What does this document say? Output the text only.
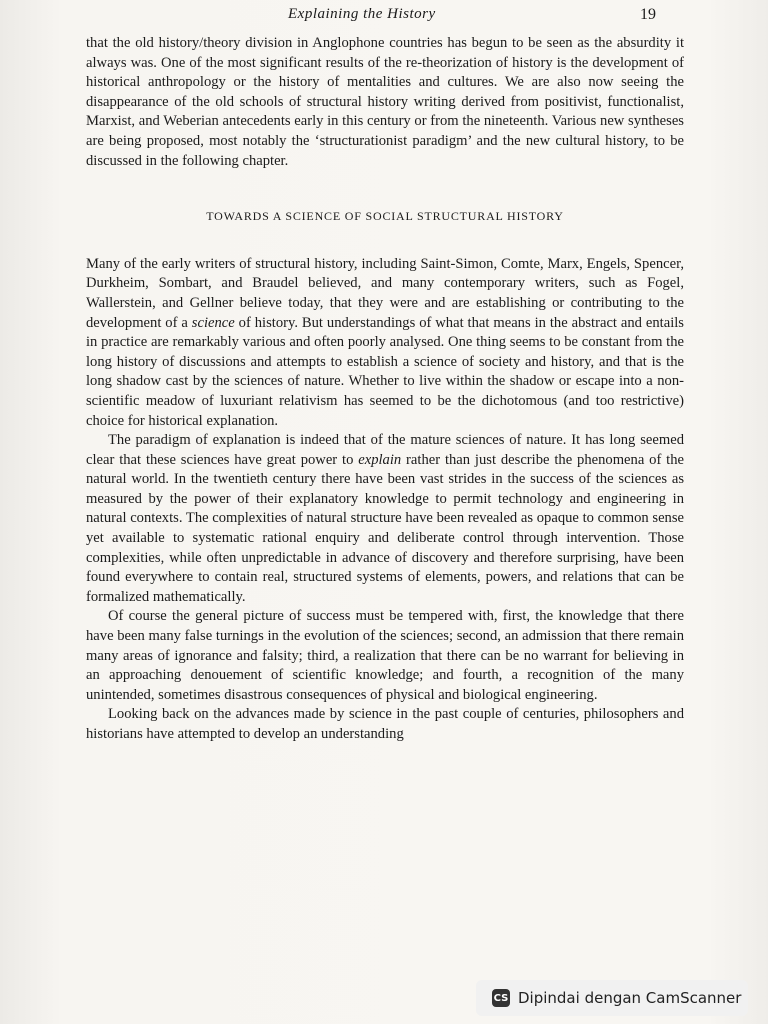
Explaining the History	19

that the old history/theory division in Anglophone countries has begun to be seen as the absurdity it always was. One of the most significant results of the re-theorization of history is the development of historical anthropology or the history of mentalities and cultures. We are also now seeing the disappearance of the old schools of structural history writing derived from positivist, functionalist, Marxist, and Weberian antecedents early in this century or from the nineteenth. Various new syntheses are being proposed, most notably the ‘structurationist paradigm’ and the new cultural history, to be discussed in the following chapter.

TOWARDS A SCIENCE OF SOCIAL STRUCTURAL HISTORY

Many of the early writers of structural history, including Saint-Simon, Comte, Marx, Engels, Spencer, Durkheim, Sombart, and Braudel believed, and many contemporary writers, such as Fogel, Wallerstein, and Gellner believe today, that they were and are establishing or contributing to the development of a science of history. But understandings of what that means in the abstract and entails in practice are remarkably various and often poorly analysed. One thing seems to be constant from the long history of discussions and attempts to establish a science of society and history, and that is the long shadow cast by the sciences of nature. Whether to live within the shadow or escape into a non-scientific meadow of luxuriant relativism has seemed to be the dichotomous (and too restrictive) choice for historical explanation.

The paradigm of explanation is indeed that of the mature sciences of nature. It has long seemed clear that these sciences have great power to explain rather than just describe the phenomena of the natural world. In the twentieth century there have been vast strides in the success of the sciences as measured by the power of their explanatory knowledge to permit technology and engineering in natural contexts. The complexities of natural structure have been revealed as opaque to common sense yet available to systematic rational enquiry and deliberate control through intervention. Those complexities, while often unpredictable in advance of discovery and therefore surprising, have been found everywhere to contain real, structured systems of elements, powers, and relations that can be formalized mathematically.

Of course the general picture of success must be tempered with, first, the knowledge that there have been many false turnings in the evolution of the sciences; second, an admission that there remain many areas of ignorance and falsity; third, a realization that there can be no warrant for believing in an approaching denouement of scientific knowledge; and fourth, a recognition of the many unintended, sometimes disastrous consequences of physical and biological engineering.

Looking back on the advances made by science in the past couple of centuries, philosophers and historians have attempted to develop an understanding

CS Dipindai dengan CamScanner
